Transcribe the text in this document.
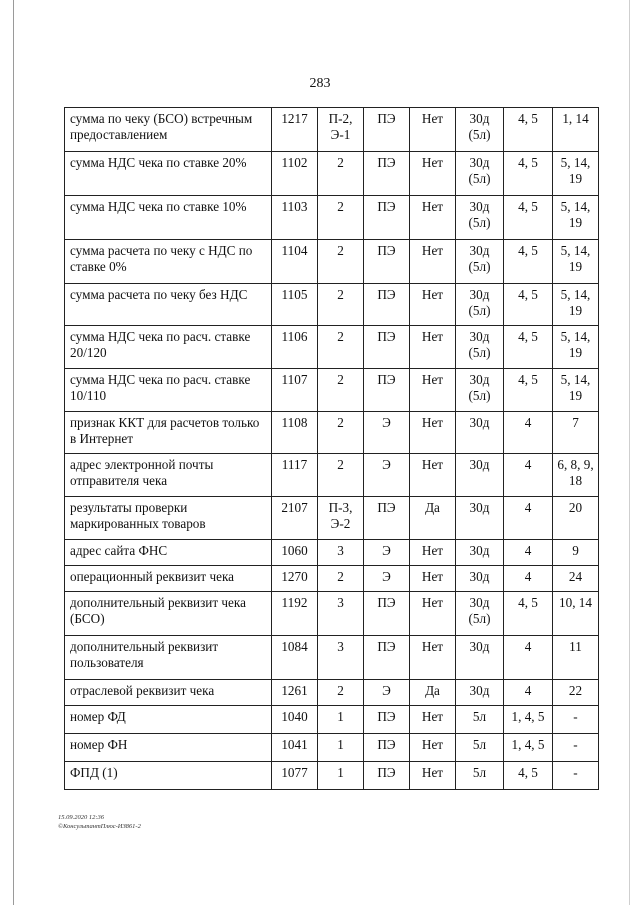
283
сумма по чеку (БСО) встречным предоставлением	1217	П-2, Э-1	ПЭ	Нет	30д (5л)	4, 5	1, 14
сумма НДС чека по ставке 20%	1102	2	ПЭ	Нет	30д (5л)	4, 5	5, 14, 19
сумма НДС чека по ставке 10%	1103	2	ПЭ	Нет	30д (5л)	4, 5	5, 14, 19
сумма расчета по чеку с НДС по ставке 0%	1104	2	ПЭ	Нет	30д (5л)	4, 5	5, 14, 19
сумма расчета по чеку без НДС	1105	2	ПЭ	Нет	30д (5л)	4, 5	5, 14, 19
сумма НДС чека по расч. ставке 20/120	1106	2	ПЭ	Нет	30д (5л)	4, 5	5, 14, 19
сумма НДС чека по расч. ставке 10/110	1107	2	ПЭ	Нет	30д (5л)	4, 5	5, 14, 19
признак ККТ для расчетов только в Интернет	1108	2	Э	Нет	30д	4	7
адрес электронной почты отправителя чека	1117	2	Э	Нет	30д	4	6, 8, 9, 18
результаты проверки маркированных товаров	2107	П-3, Э-2	ПЭ	Да	30д	4	20
адрес сайта ФНС	1060	3	Э	Нет	30д	4	9
операционный реквизит чека	1270	2	Э	Нет	30д	4	24
дополнительный реквизит чека (БСО)	1192	3	ПЭ	Нет	30д (5л)	4, 5	10, 14
дополнительный реквизит пользователя	1084	3	ПЭ	Нет	30д	4	11
отраслевой реквизит чека	1261	2	Э	Да	30д	4	22
номер ФД	1040	1	ПЭ	Нет	5л	1, 4, 5	-
номер ФН	1041	1	ПЭ	Нет	5л	1, 4, 5	-
ФПД (1)	1077	1	ПЭ	Нет	5л	4, 5	-
15.09.2020 12:36
©КонсультантПлюс-ИЗ861-2
